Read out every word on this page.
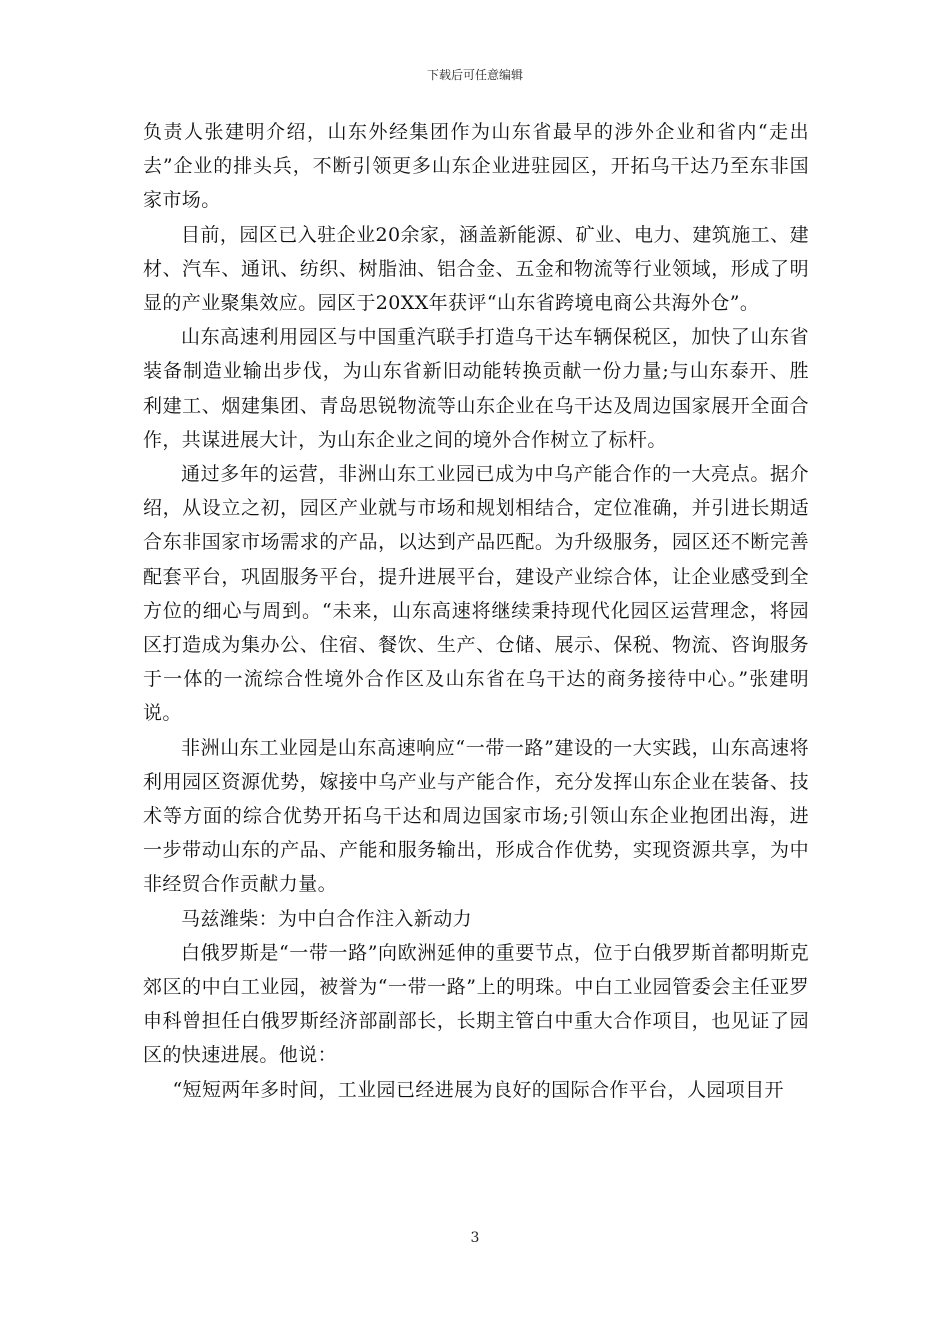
下载后可任意编辑

负责人张建明介绍，山东外经集团作为山东省最早的涉外企业和省内“走出去”企业的排头兵，不断引领更多山东企业进驻园区，开拓乌干达乃至东非国家市场。

目前，园区已入驻企业20余家，涵盖新能源、矿业、电力、建筑施工、建材、汽车、通讯、纺织、树脂油、铝合金、五金和物流等行业领域，形成了明显的产业聚集效应。园区于20XX年获评“山东省跨境电商公共海外仓”。

山东高速利用园区与中国重汽联手打造乌干达车辆保税区，加快了山东省装备制造业输出步伐，为山东省新旧动能转换贡献一份力量;与山东泰开、胜利建工、烟建集团、青岛思锐物流等山东企业在乌干达及周边国家展开全面合作，共谋进展大计，为山东企业之间的境外合作树立了标杆。

通过多年的运营，非洲山东工业园已成为中乌产能合作的一大亮点。据介绍，从设立之初，园区产业就与市场和规划相结合，定位准确，并引进长期适合东非国家市场需求的产品，以达到产品匹配。为升级服务，园区还不断完善配套平台，巩固服务平台，提升进展平台，建设产业综合体，让企业感受到全方位的细心与周到。“未来，山东高速将继续秉持现代化园区运营理念，将园区打造成为集办公、住宿、餐饮、生产、仓储、展示、保税、物流、咨询服务于一体的一流综合性境外合作区及山东省在乌干达的商务接待中心。”张建明说。

非洲山东工业园是山东高速响应“一带一路”建设的一大实践，山东高速将利用园区资源优势，嫁接中乌产业与产能合作，充分发挥山东企业在装备、技术等方面的综合优势开拓乌干达和周边国家市场;引领山东企业抱团出海，进一步带动山东的产品、产能和服务输出，形成合作优势，实现资源共享，为中非经贸合作贡献力量。

马兹潍柴：为中白合作注入新动力

白俄罗斯是“一带一路”向欧洲延伸的重要节点，位于白俄罗斯首都明斯克郊区的中白工业园，被誉为“一带一路”上的明珠。中白工业园管委会主任亚罗申科曾担任白俄罗斯经济部副部长，长期主管白中重大合作项目，也见证了园区的快速进展。他说：

“短短两年多时间，工业园已经进展为良好的国际合作平台，人园项目开

3
